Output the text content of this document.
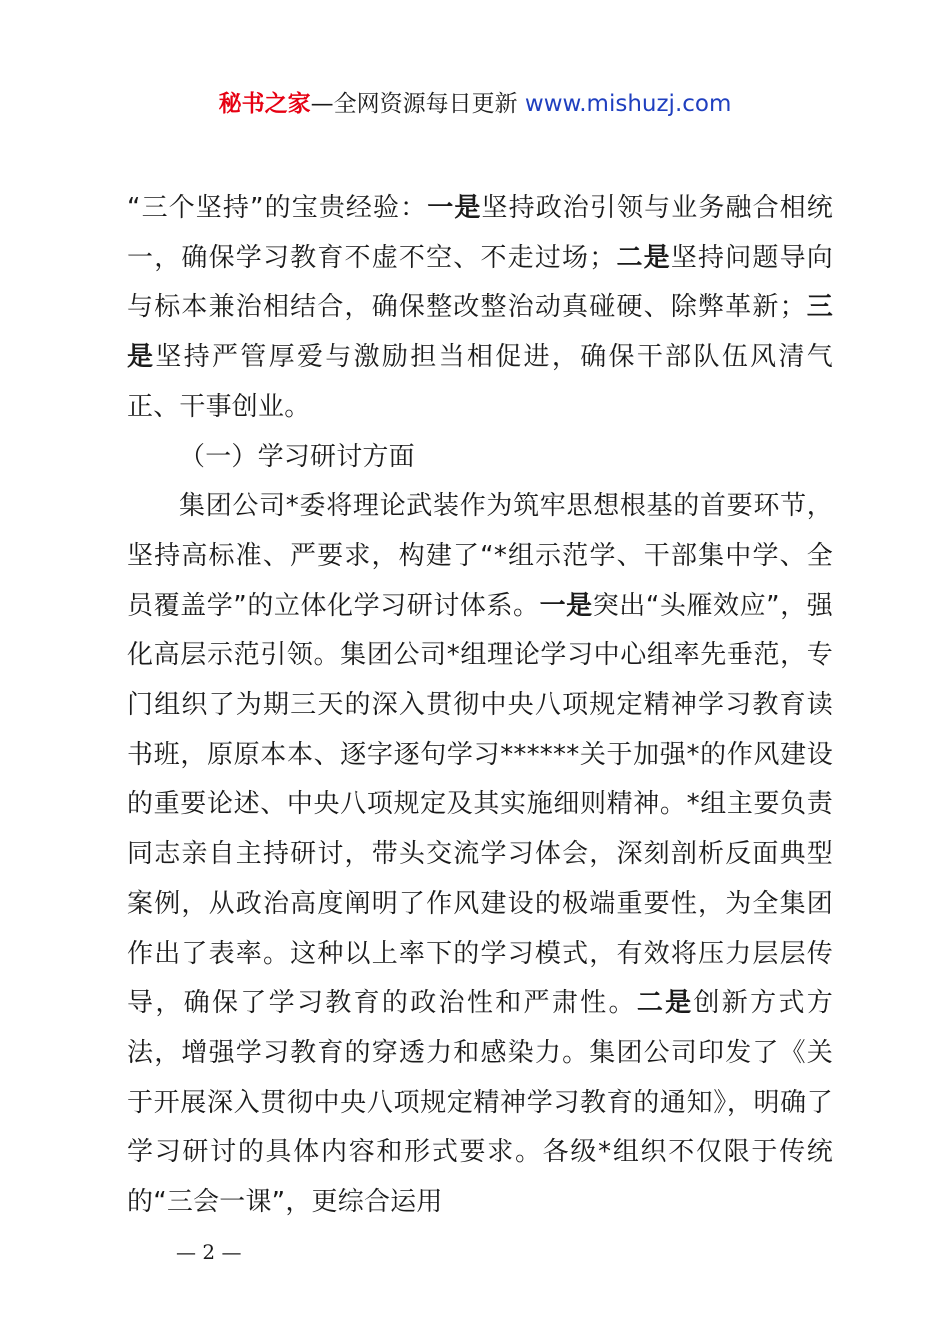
秘书之家—全网资源每日更新 www.mishuzj.com

“三个坚持”的宝贵经验：一是坚持政治引领与业务融合相统一，确保学习教育不虚不空、不走过场；二是坚持问题导向与标本兼治相结合，确保整改整治动真碰硬、除弊革新；三是坚持严管厚爱与激励担当相促进，确保干部队伍风清气正、干事创业。

（一）学习研讨方面

集团公司*委将理论武装作为筑牢思想根基的首要环节，坚持高标准、严要求，构建了“*组示范学、干部集中学、全员覆盖学”的立体化学习研讨体系。一是突出“头雁效应”，强化高层示范引领。集团公司*组理论学习中心组率先垂范，专门组织了为期三天的深入贯彻中央八项规定精神学习教育读书班，原原本本、逐字逐句学习******关于加强*的作风建设的重要论述、中央八项规定及其实施细则精神。*组主要负责同志亲自主持研讨，带头交流学习体会，深刻剖析反面典型案例，从政治高度阐明了作风建设的极端重要性，为全集团作出了表率。这种以上率下的学习模式，有效将压力层层传导，确保了学习教育的政治性和严肃性。二是创新方式方法，增强学习教育的穿透力和感染力。集团公司印发了《关于开展深入贯彻中央八项规定精神学习教育的通知》，明确了学习研讨的具体内容和形式要求。各级*组织不仅限于传统的“三会一课”，更综合运用

— 2 —
